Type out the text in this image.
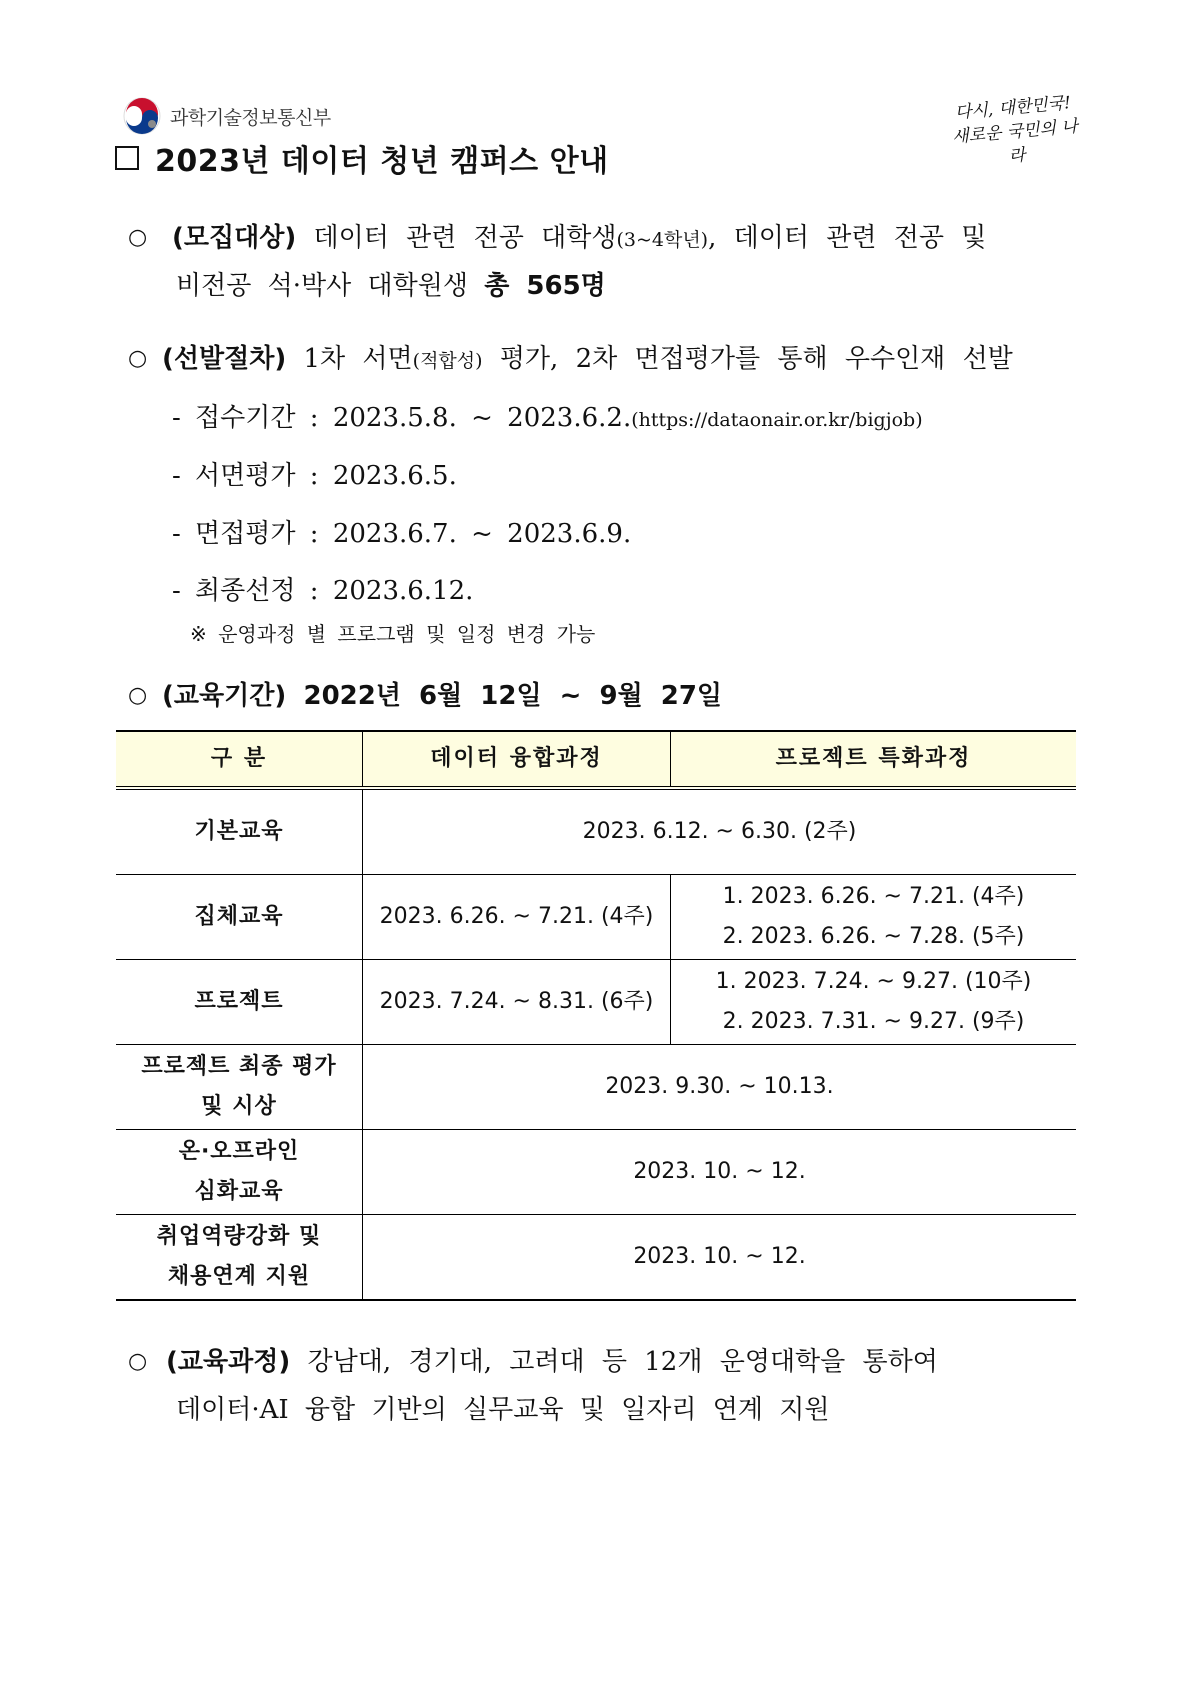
과학기술정보통신부	다시, 대한민국!
새로운 국민의 나라
2023년 데이터 청년 캠퍼스 안내
○ (모집대상) 데이터 관련 전공 대학생(3~4학년), 데이터 관련 전공 및
비전공 석·박사 대학원생 총 565명
○ (선발절차) 1차 서면(적합성) 평가, 2차 면접평가를 통해 우수인재 선발
- 접수기간 : 2023.5.8. ~ 2023.6.2.(https://dataonair.or.kr/bigjob)
- 서면평가 : 2023.6.5.
- 면접평가 : 2023.6.7. ~ 2023.6.9.
- 최종선정 : 2023.6.12.
※ 운영과정 별 프로그램 및 일정 변경 가능
○ (교육기간) 2022년 6월 12일 ~ 9월 27일
구 분	데이터 융합과정	프로젝트 특화과정
기본교육	2023. 6.12. ~ 6.30. (2주)	
집체교육	2023. 6.26. ~ 7.21. (4주)	1. 2023. 6.26. ~ 7.21. (4주)
2. 2023. 6.26. ~ 7.28. (5주)

프로젝트	2023. 7.24. ~ 8.31. (6주)	1. 2023. 7.24. ~ 9.27. (10주)
2. 2023. 7.31. ~ 9.27. (9주)

프로젝트 최종 평가
및 시상	2023. 9.30. ~ 10.13.	

온·오프라인
심화교육	2023. 10. ~ 12.	

취업역량강화 및
채용연계 지원	2023. 10. ~ 12.	
○ (교육과정) 강남대, 경기대, 고려대 등 12개 운영대학을 통하여
데이터·AI 융합 기반의 실무교육 및 일자리 연계 지원
